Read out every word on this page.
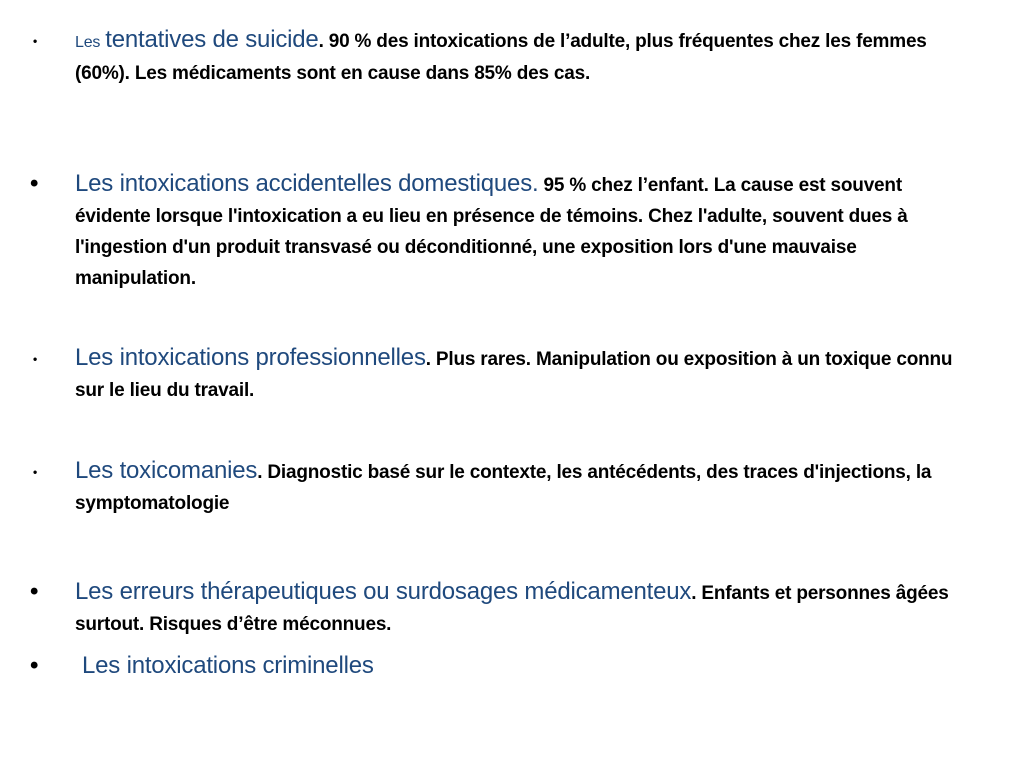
• Les tentatives de suicide. 90 % des intoxications de l’adulte, plus fréquentes chez les femmes (60%). Les médicaments sont en cause dans 85% des cas.
• Les intoxications accidentelles domestiques. 95 % chez l’enfant. La cause est souvent évidente lorsque l'intoxication a eu lieu en présence de témoins. Chez l'adulte, souvent dues à l'ingestion d'un produit transvasé ou déconditionné, une exposition lors d'une mauvaise manipulation.
• Les intoxications professionnelles. Plus rares. Manipulation ou exposition à un toxique connu sur le lieu du travail.
• Les toxicomanies. Diagnostic basé sur le contexte, les antécédents, des traces d'injections, la symptomatologie
• Les erreurs thérapeutiques ou surdosages médicamenteux. Enfants et personnes âgées surtout. Risques d’être méconnues.
• Les intoxications criminelles
